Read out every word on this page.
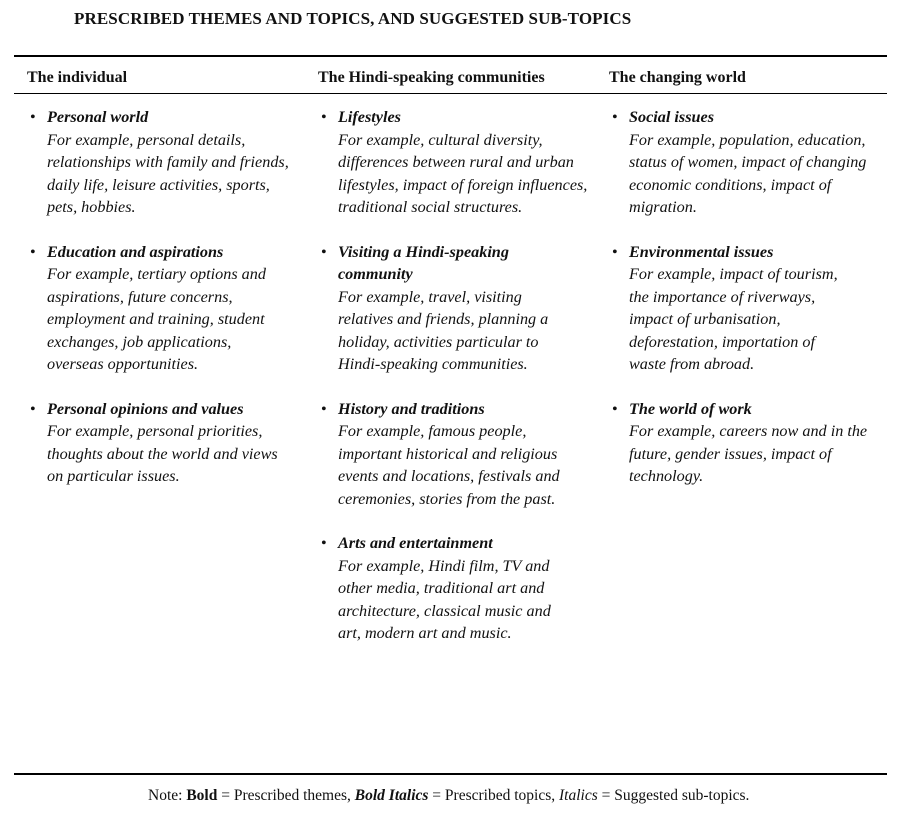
PRESCRIBED THEMES AND TOPICS, AND SUGGESTED SUB-TOPICS
The individual	The Hindi-speaking communities	The changing world
• Personal world
For example, personal details, relationships with family and friends, daily life, leisure activities, sports, pets, hobbies.
• Education and aspirations
For example, tertiary options and aspirations, future concerns, employment and training, student exchanges, job applications, overseas opportunities.
• Personal opinions and values
For example, personal priorities, thoughts about the world and views on particular issues.
• Lifestyles
For example, cultural diversity, differences between rural and urban lifestyles, impact of foreign influences, traditional social structures.
• Visiting a Hindi-speaking community
For example, travel, visiting relatives and friends, planning a holiday, activities particular to Hindi-speaking communities.
• History and traditions
For example, famous people, important historical and religious events and locations, festivals and ceremonies, stories from the past.
• Arts and entertainment
For example, Hindi film, TV and other media, traditional art and architecture, classical music and art, modern art and music.
• Social issues
For example, population, education, status of women, impact of changing economic conditions, impact of migration.
• Environmental issues
For example, impact of tourism, the importance of riverways, impact of urbanisation, deforestation, importation of waste from abroad.
• The world of work
For example, careers now and in the future, gender issues, impact of technology.
Note: Bold = Prescribed themes, Bold Italics = Prescribed topics, Italics = Suggested sub-topics.
